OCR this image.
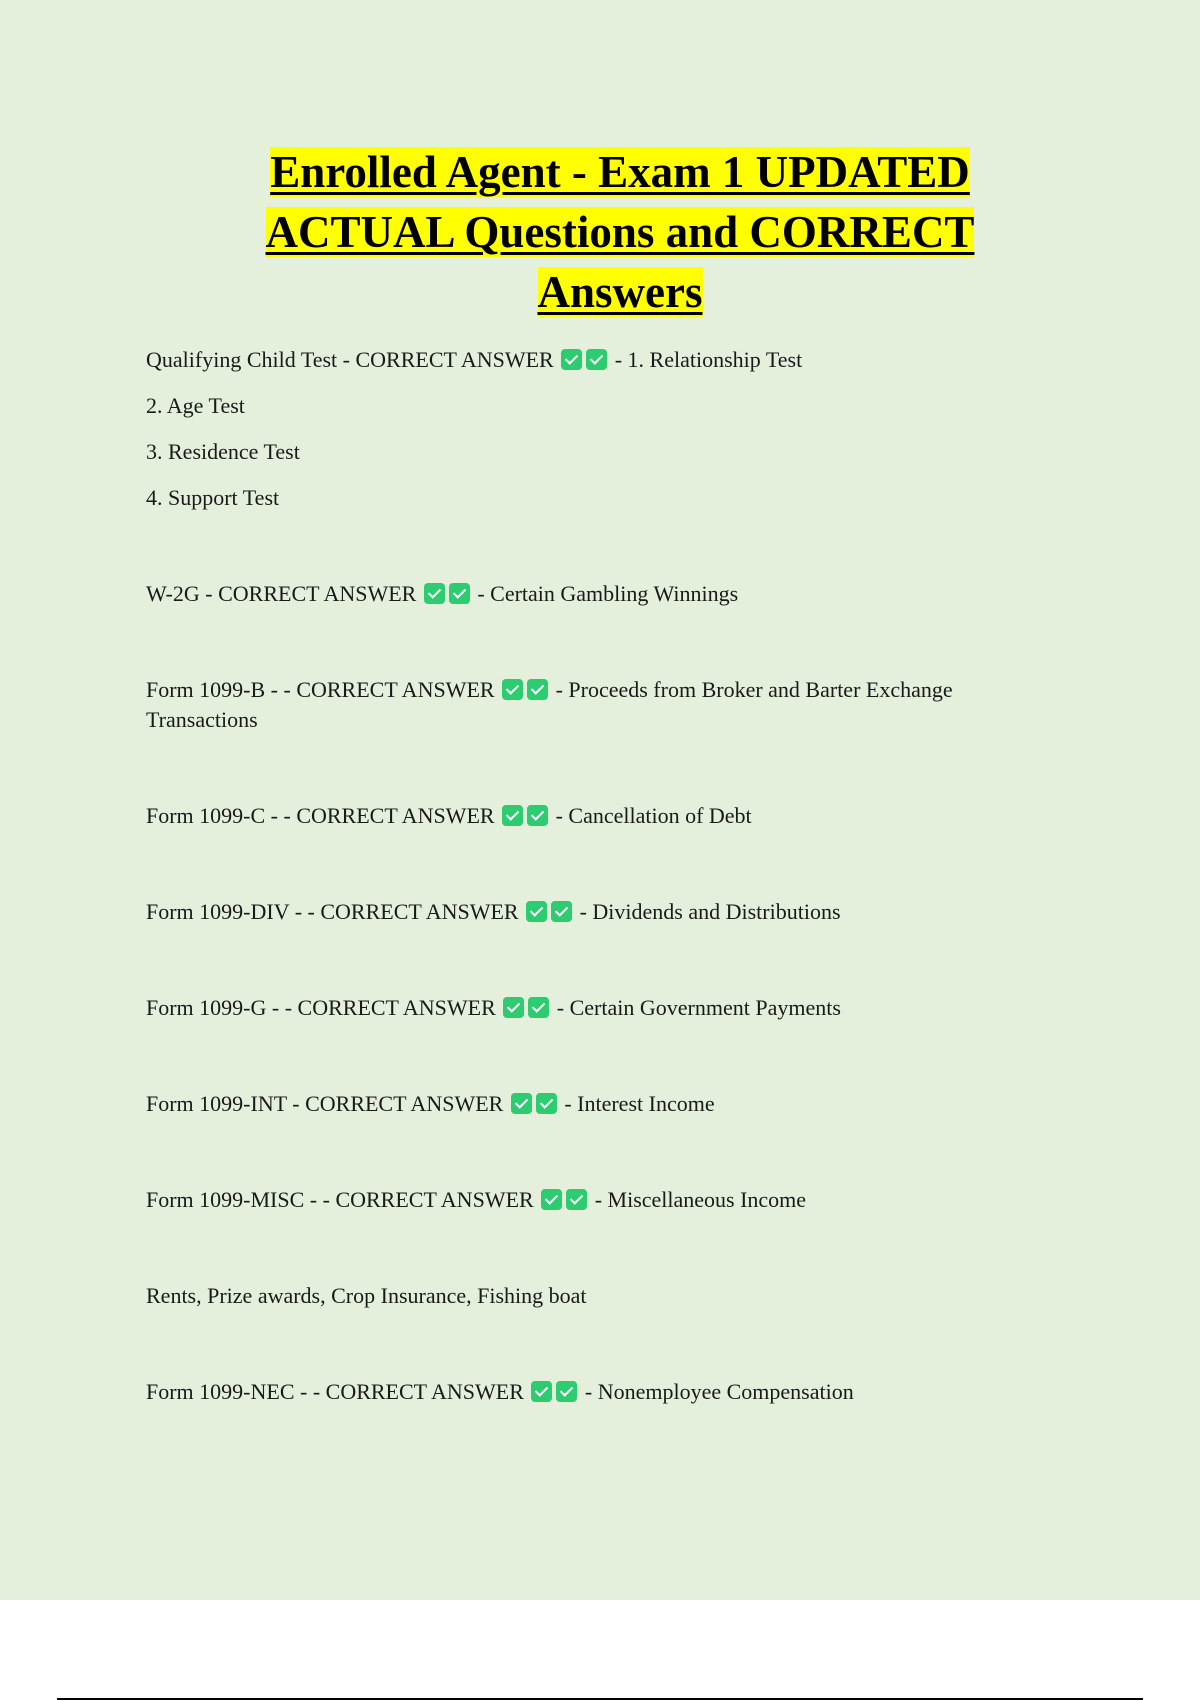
Enrolled Agent - Exam 1 UPDATED ACTUAL Questions and CORRECT Answers
Qualifying Child Test - CORRECT ANSWER	- 1. Relationship Test
2. Age Test
3. Residence Test
4. Support Test
W-2G - CORRECT ANSWER	- Certain Gambling Winnings
Form 1099-B - - CORRECT ANSWER	- Proceeds from Broker and Barter Exchange Transactions
Form 1099-C - - CORRECT ANSWER	- Cancellation of Debt
Form 1099-DIV - - CORRECT ANSWER	- Dividends and Distributions
Form 1099-G - - CORRECT ANSWER	- Certain Government Payments
Form 1099-INT - CORRECT ANSWER	- Interest Income
Form 1099-MISC - - CORRECT ANSWER	- Miscellaneous Income
Rents, Prize awards, Crop Insurance, Fishing boat
Form 1099-NEC - - CORRECT ANSWER	- Nonemployee Compensation
